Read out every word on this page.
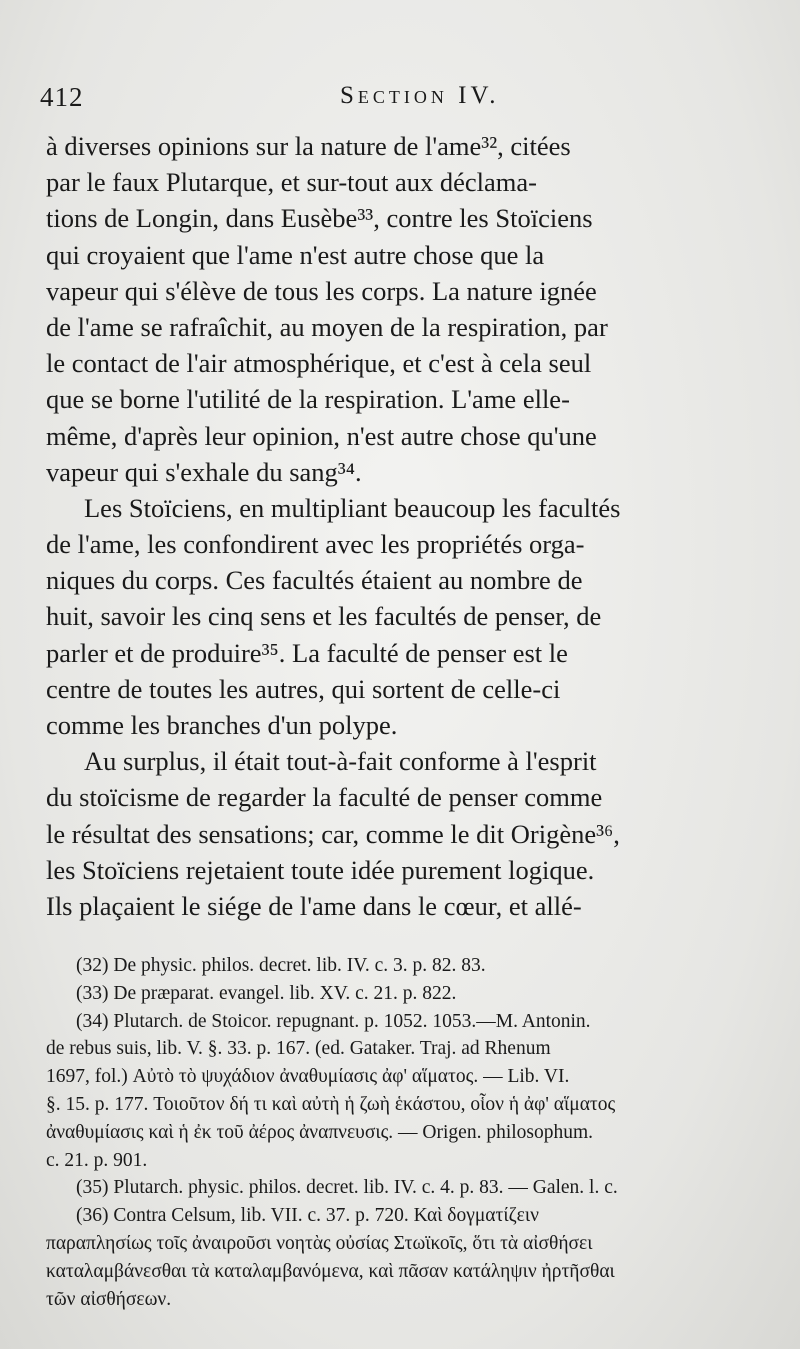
412	Section IV.
à diverses opinions sur la nature de l'ame³², citées
par le faux Plutarque, et sur-tout aux déclama-
tions de Longin, dans Eusèbe³³, contre les Stoïciens
qui croyaient que l'ame n'est autre chose que la
vapeur qui s'élève de tous les corps. La nature ignée
de l'ame se rafraîchit, au moyen de la respiration, par
le contact de l'air atmosphérique, et c'est à cela seul
que se borne l'utilité de la respiration. L'ame elle-
même, d'après leur opinion, n'est autre chose qu'une
vapeur qui s'exhale du sang³⁴.
Les Stoïciens, en multipliant beaucoup les facultés
de l'ame, les confondirent avec les propriétés orga-
niques du corps. Ces facultés étaient au nombre de
huit, savoir les cinq sens et les facultés de penser, de
parler et de produire³⁵. La faculté de penser est le
centre de toutes les autres, qui sortent de celle-ci
comme les branches d'un polype.
Au surplus, il était tout-à-fait conforme à l'esprit
du stoïcisme de regarder la faculté de penser comme
le résultat des sensations; car, comme le dit Origène³⁶,
les Stoïciens rejetaient toute idée purement logique.
Ils plaçaient le siége de l'ame dans le cœur, et allé-
(32) De physic. philos. decret. lib. IV. c. 3. p. 82. 83.
(33) De præparat. evangel. lib. XV. c. 21. p. 822.
(34) Plutarch. de Stoicor. repugnant. p. 1052. 1053.—M. Antonin.
de rebus suis, lib. V. §. 33. p. 167. (ed. Gataker. Traj. ad Rhenum
1697, fol.) Αὐτὸ τὸ ψυχάδιον ἀναθυμίασις ἀφ' αἵματος. — Lib. VI.
§. 15. p. 177. Τοιοῦτον δή τι καὶ αὐτὴ ἡ ζωὴ ἑκάστου, οἷον ἡ ἀφ' αἵματος
ἀναθυμίασις καὶ ἡ ἐκ τοῦ ἀέρος ἀναπνευσις. — Origen. philosophum.
c. 21. p. 901.
(35) Plutarch. physic. philos. decret. lib. IV. c. 4. p. 83. — Galen. l. c.
(36) Contra Celsum, lib. VII. c. 37. p. 720. Καὶ δογματίζειν
παραπλησίως τοῖς ἀναιροῦσι νοητὰς οὐσίας Στωϊκοῖς, ὅτι τὰ αἰσθήσει
καταλαμβάνεσθαι τὰ καταλαμβανόμενα, καὶ πᾶσαν κατάληψιν ἠρτῆσθαι
τῶν αἰσθήσεων.
